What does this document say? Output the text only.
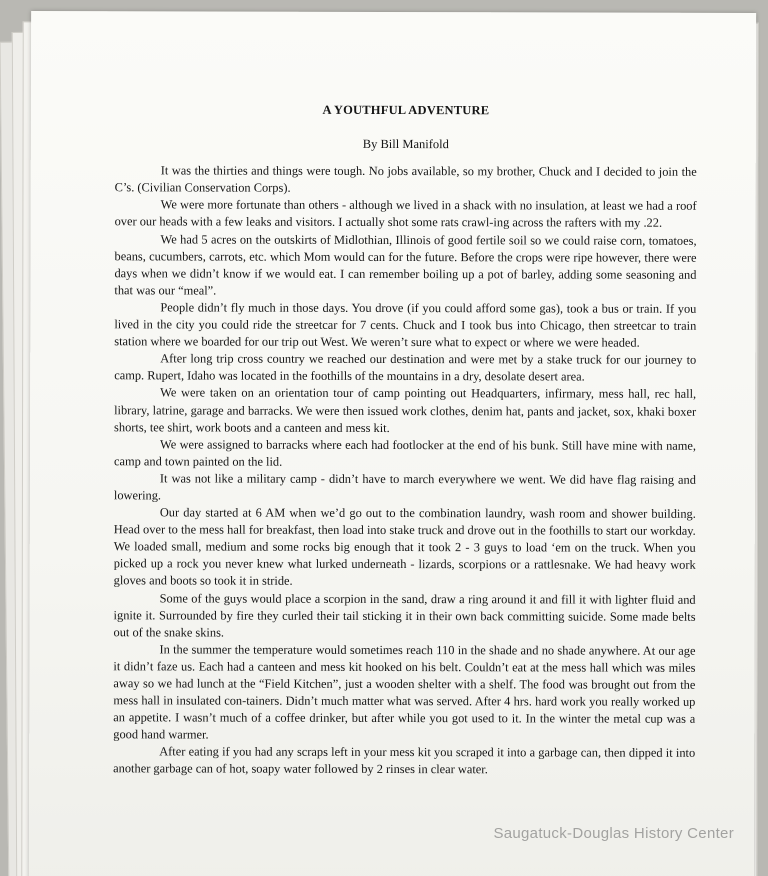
A YOUTHFUL ADVENTURE

By Bill Manifold

It was the thirties and things were tough. No jobs available, so my brother, Chuck and I decided to join the C’s. (Civilian Conservation Corps).

We were more fortunate than others - although we lived in a shack with no insulation, at least we had a roof over our heads with a few leaks and visitors. I actually shot some rats crawl-ing across the rafters with my .22.

We had 5 acres on the outskirts of Midlothian, Illinois of good fertile soil so we could raise corn, tomatoes, beans, cucumbers, carrots, etc. which Mom would can for the future. Before the crops were ripe however, there were days when we didn’t know if we would eat. I can remember boiling up a pot of barley, adding some seasoning and that was our “meal”.

People didn’t fly much in those days. You drove (if you could afford some gas), took a bus or train. If you lived in the city you could ride the streetcar for 7 cents. Chuck and I took bus into Chicago, then streetcar to train station where we boarded for our trip out West. We weren’t sure what to expect or where we were headed.

After long trip cross country we reached our destination and were met by a stake truck for our journey to camp. Rupert, Idaho was located in the foothills of the mountains in a dry, desolate desert area.

We were taken on an orientation tour of camp pointing out Headquarters, infirmary, mess hall, rec hall, library, latrine, garage and barracks. We were then issued work clothes, denim hat, pants and jacket, sox, khaki boxer shorts, tee shirt, work boots and a canteen and mess kit.

We were assigned to barracks where each had footlocker at the end of his bunk. Still have mine with name, camp and town painted on the lid.

It was not like a military camp - didn’t have to march everywhere we went. We did have flag raising and lowering.

Our day started at 6 AM when we’d go out to the combination laundry, wash room and shower building. Head over to the mess hall for breakfast, then load into stake truck and drove out in the foothills to start our workday. We loaded small, medium and some rocks big enough that it took 2 - 3 guys to load ‘em on the truck. When you picked up a rock you never knew what lurked underneath - lizards, scorpions or a rattlesnake. We had heavy work gloves and boots so took it in stride.

Some of the guys would place a scorpion in the sand, draw a ring around it and fill it with lighter fluid and ignite it. Surrounded by fire they curled their tail sticking it in their own back committing suicide. Some made belts out of the snake skins.

In the summer the temperature would sometimes reach 110 in the shade and no shade anywhere. At our age it didn’t faze us. Each had a canteen and mess kit hooked on his belt. Couldn’t eat at the mess hall which was miles away so we had lunch at the “Field Kitchen”, just a wooden shelter with a shelf. The food was brought out from the mess hall in insulated con-tainers. Didn’t much matter what was served. After 4 hrs. hard work you really worked up an appetite. I wasn’t much of a coffee drinker, but after while you got used to it. In the winter the metal cup was a good hand warmer.

After eating if you had any scraps left in your mess kit you scraped it into a garbage can, then dipped it into another garbage can of hot, soapy water followed by 2 rinses in clear water.

Saugatuck-Douglas History Center
